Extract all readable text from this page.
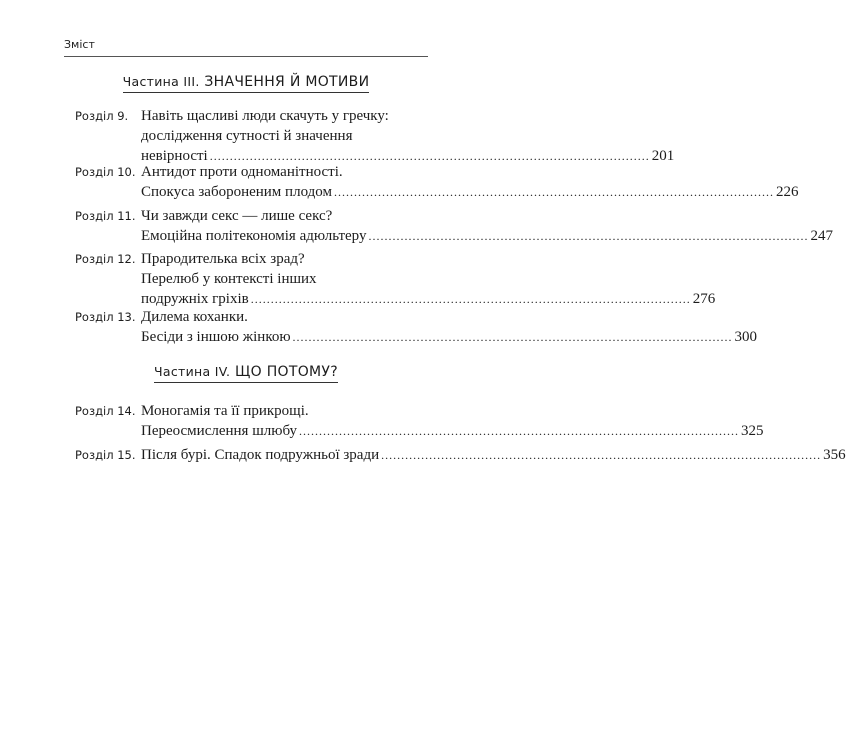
Зміст
Частина III. ЗНАЧЕННЯ Й МОТИВИ
Розділ 9. Навіть щасливі люди скачуть у гречку:
дослідження сутності й значення
невірності .............................................................................................................. 201
Розділ 10. Антидот проти одноманітності.
Спокуса забороненим плодом .............................................................................................................. 226
Розділ 11. Чи завжди секс — лише секс?
Емоційна політекономія адюльтеру .............................................................................................................. 247
Розділ 12. Прародителька всіх зрад?
Перелюб у контексті інших
подружніх гріхів .............................................................................................................. 276
Розділ 13. Дилема коханки.
Бесіди з іншою жінкою .............................................................................................................. 300
Частина IV. ЩО ПОТОМУ?
Розділ 14. Моногамія та її прикрощі.
Переосмислення шлюбу .............................................................................................................. 325
Розділ 15. Після бурі. Спадок подружньої зради .............................................................................................................. 356
